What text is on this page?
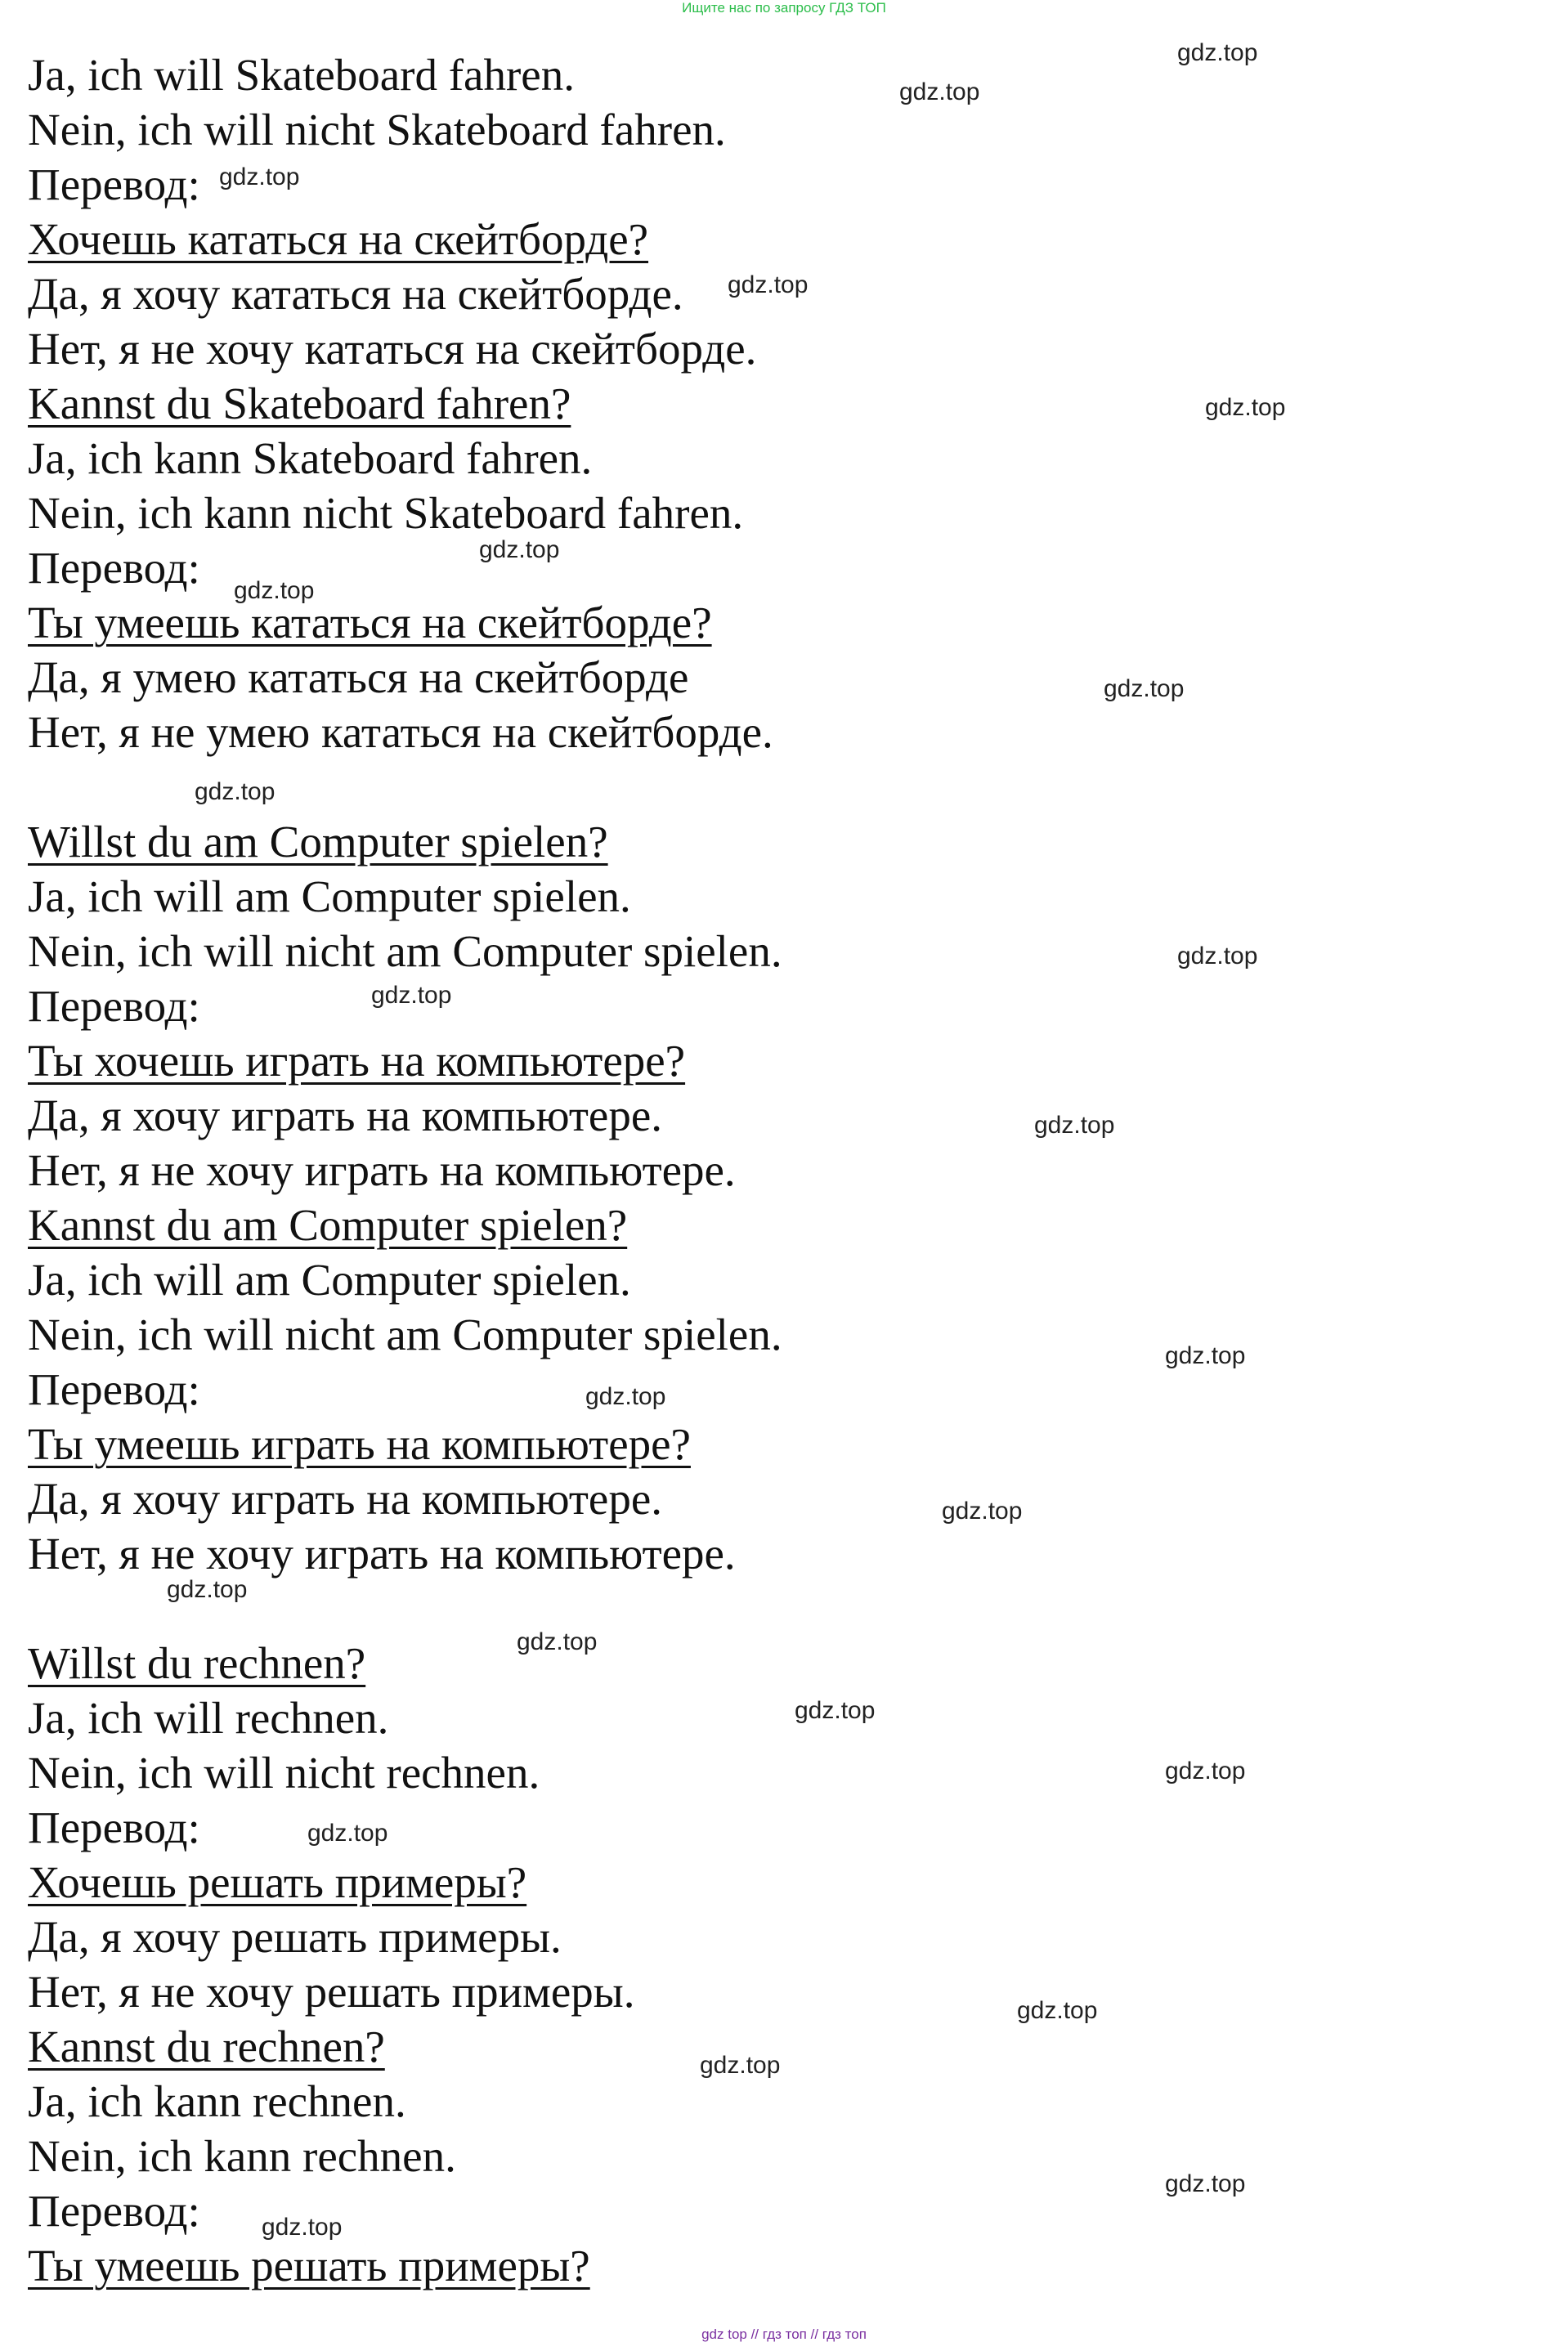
Ищите нас по запросу ГДЗ ТОП
Ja, ich will Skateboard fahren.
Nein, ich will nicht Skateboard fahren.
Перевод:
Хочешь кататься на скейтборде?
Да, я хочу кататься на скейтборде.
Нет, я не хочу кататься на скейтборде.
Kannst du Skateboard fahren?
Ja, ich kann Skateboard fahren.
Nein, ich kann nicht Skateboard fahren.
Перевод:
Ты умеешь кататься на скейтборде?
Да, я умею кататься на скейтборде
Нет, я не умею кататься на скейтборде.
Willst du am Computer spielen?
Ja, ich will am Computer spielen.
Nein, ich will nicht am Computer spielen.
Перевод:
Ты хочешь играть на компьютере?
Да, я хочу играть на компьютере.
Нет, я не хочу играть на компьютере.
Kannst du am Computer spielen?
Ja, ich will am Computer spielen.
Nein, ich will nicht am Computer spielen.
Перевод:
Ты умеешь играть на компьютере?
Да, я хочу играть на компьютере.
Нет, я не хочу играть на компьютере.
Willst du rechnen?
Ja, ich will rechnen.
Nein, ich will nicht rechnen.
Перевод:
Хочешь решать примеры?
Да, я хочу решать примеры.
Нет, я не хочу решать примеры.
Kannst du rechnen?
Ja, ich kann rechnen.
Nein, ich kann rechnen.
Перевод:
Ты умеешь решать примеры?
gdz.top
gdz.top
gdz.top
gdz.top
gdz.top
gdz.top
gdz.top
gdz.top
gdz.top
gdz.top
gdz.top
gdz.top
gdz.top
gdz.top
gdz.top
gdz.top
gdz.top
gdz.top
gdz.top
gdz.top
gdz.top
gdz.top
gdz.top
gdz.top
gdz top // гдз топ // гдз топ
